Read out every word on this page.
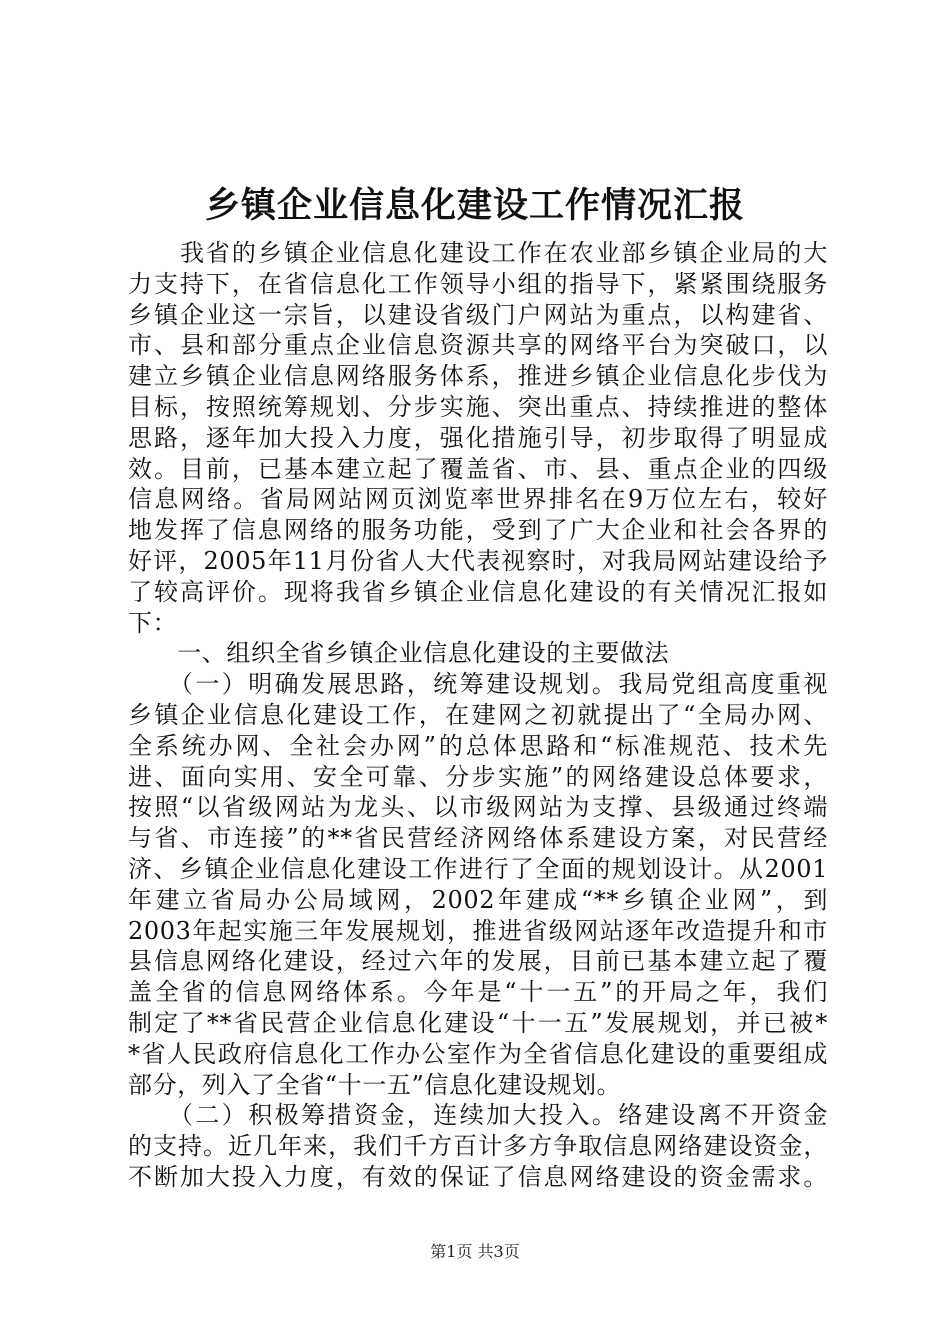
乡镇企业信息化建设工作情况汇报
　　我省的乡镇企业信息化建设工作在农业部乡镇企业局的大
力支持下，在省信息化工作领导小组的指导下，紧紧围绕服务
乡镇企业这一宗旨，以建设省级门户网站为重点，以构建省、
市、县和部分重点企业信息资源共享的网络平台为突破口，以
建立乡镇企业信息网络服务体系，推进乡镇企业信息化步伐为
目标，按照统筹规划、分步实施、突出重点、持续推进的整体
思路，逐年加大投入力度，强化措施引导，初步取得了明显成
效。目前，已基本建立起了覆盖省、市、县、重点企业的四级
信息网络。省局网站网页浏览率世界排名在9万位左右，较好
地发挥了信息网络的服务功能，受到了广大企业和社会各界的
好评，2005年11月份省人大代表视察时，对我局网站建设给予
了较高评价。现将我省乡镇企业信息化建设的有关情况汇报如
下：
　　一、组织全省乡镇企业信息化建设的主要做法
　　（一）明确发展思路，统筹建设规划。我局党组高度重视
乡镇企业信息化建设工作，在建网之初就提出了“全局办网、
全系统办网、全社会办网”的总体思路和“标准规范、技术先
进、面向实用、安全可靠、分步实施”的网络建设总体要求，
按照“以省级网站为龙头、以市级网站为支撑、县级通过终端
与省、市连接”的**省民营经济网络体系建设方案，对民营经
济、乡镇企业信息化建设工作进行了全面的规划设计。从2001
年建立省局办公局域网，2002年建成“**乡镇企业网”，到
2003年起实施三年发展规划，推进省级网站逐年改造提升和市
县信息网络化建设，经过六年的发展，目前已基本建立起了覆
盖全省的信息网络体系。今年是“十一五”的开局之年，我们
制定了**省民营企业信息化建设“十一五”发展规划，并已被*
*省人民政府信息化工作办公室作为全省信息化建设的重要组成
部分，列入了全省“十一五”信息化建设规划。
　　（二）积极筹措资金，连续加大投入。络建设离不开资金
的支持。近几年来，我们千方百计多方争取信息网络建设资金，
不断加大投入力度，有效的保证了信息网络建设的资金需求。
第1页 共3页
